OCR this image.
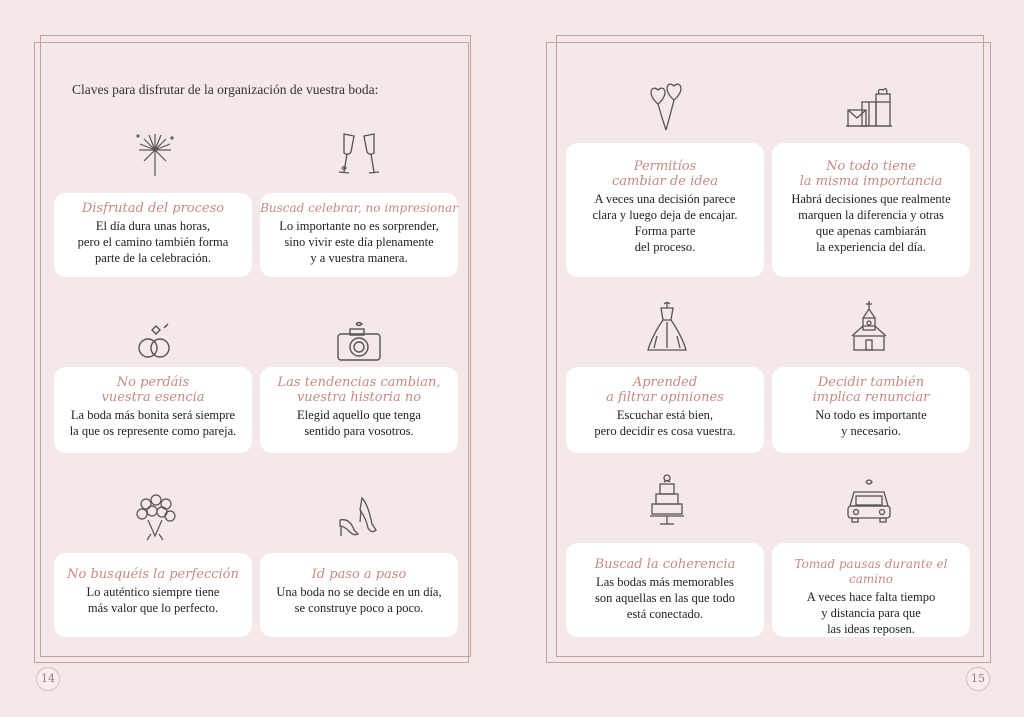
14
Claves para disfrutar de la organización de vuestra boda:
Disfrutad del proceso
El día dura unas horas,
pero el camino también forma
parte de la celebración.
Buscad celebrar, no impresionar
Lo importante no es sorprender,
sino vivir este día plenamente
y a vuestra manera.
No perdáis
vuestra esencia
La boda más bonita será siempre
la que os represente como pareja.
Las tendencias cambian,
vuestra historia no
Elegid aquello que tenga
sentido para vosotros.
No busquéis la perfección
Lo auténtico siempre tiene
más valor que lo perfecto.
Id paso a paso
Una boda no se decide en un día,
se construye poco a poco.
15
Permitíos
cambiar de idea
A veces una decisión parece
clara y luego deja de encajar.
Forma parte
del proceso.
No todo tiene
la misma importancia
Habrá decisiones que realmente
marquen la diferencia y otras
que apenas cambiarán
la experiencia del día.
Aprended
a filtrar opiniones
Escuchar está bien,
pero decidir es cosa vuestra.
Decidir también
implica renunciar
No todo es importante
y necesario.
Buscad la coherencia
Las bodas más memorables
son aquellas en las que todo
está conectado.
Tomad pausas durante el camino
A veces hace falta tiempo
y distancia para que
las ideas reposen.
